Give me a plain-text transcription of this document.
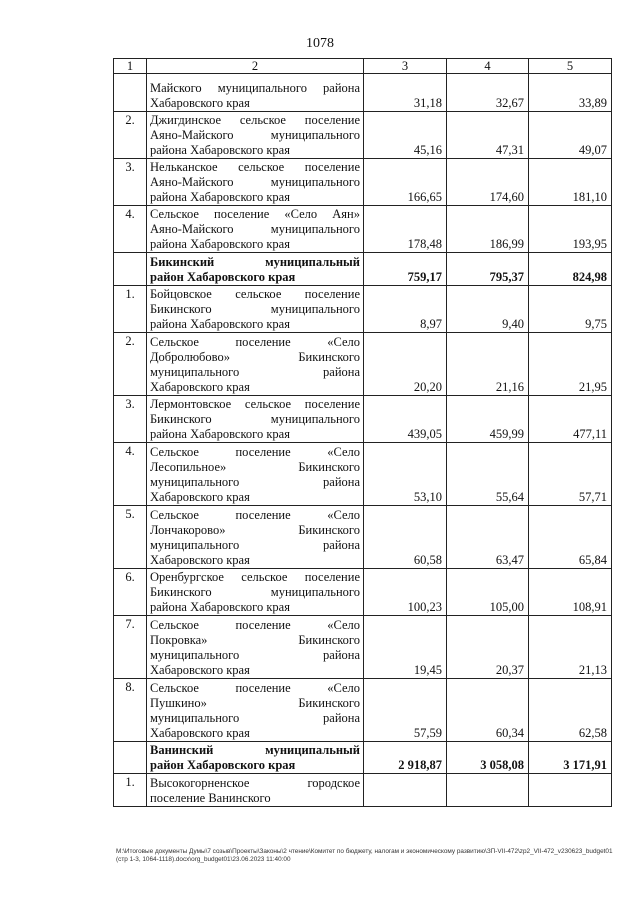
1078
1	2	3	4	5

	Майского муниципального района
Хабаровского края	31,18	32,67	33,89
2.	Джигдинское сельское поселение
Аяно-Майского муниципального
района Хабаровского края	45,16	47,31	49,07
3.	Нельканское сельское поселение
Аяно-Майского муниципального
района Хабаровского края	166,65	174,60	181,10
4.	Сельское поселение «Село Аян»
Аяно-Майского муниципального
района Хабаровского края	178,48	186,99	193,95

	Бикинский муниципальный
район Хабаровского края	759,17	795,37	824,98
1.	Бойцовское сельское поселение
Бикинского муниципального
района Хабаровского края	8,97	9,40	9,75
2.	Сельское поселение «Село
Добролюбово» Бикинского
муниципального района
Хабаровского края	20,20	21,16	21,95
3.	Лермонтовское сельское поселение
Бикинского муниципального
района Хабаровского края	439,05	459,99	477,11
4.	Сельское поселение «Село
Лесопильное» Бикинского
муниципального района
Хабаровского края	53,10	55,64	57,71
5.	Сельское поселение «Село
Лончакорово» Бикинского
муниципального района
Хабаровского края	60,58	63,47	65,84
6.	Оренбургское сельское поселение
Бикинского муниципального
района Хабаровского края	100,23	105,00	108,91
7.	Сельское поселение «Село
Покровка» Бикинского
муниципального района
Хабаровского края	19,45	20,37	21,13
8.	Сельское поселение «Село
Пушкино» Бикинского
муниципального района
Хабаровского края	57,59	60,34	62,58

	Ванинский муниципальный
район Хабаровского края	2 918,87	3 058,08	3 171,91
1.	Высокогорненское городское
поселение Ванинского			

M:\Итоговые документы Думы\7 созыв\Проекты\Законы\2 чтение\Комитет по бюджету, налогам и экономическому развитию\ЗП-VII-472\zp2_VII-472_v230623_budget01(стр 1-3, 1064-1118).docx\org_budget01\23.06.2023 11:40:00
